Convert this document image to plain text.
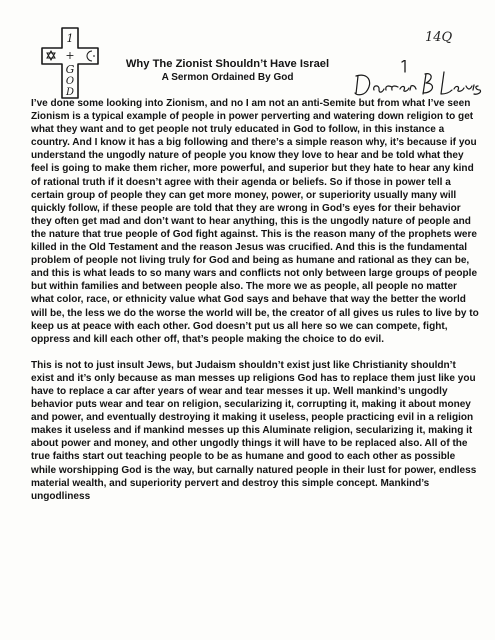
1
+
G
O
D
14Q

Why The Zionist Shouldn’t Have Israel

A Sermon Ordained By God

I’ve done some looking into Zionism, and no I am not an anti-Semite but from what I’ve seen Zionism is a typical example of people in power perverting and watering down religion to get what they want and to get people not truly educated in God to follow, in this instance a country. And I know it has a big following and there’s a simple reason why, it’s because if you understand the ungodly nature of people you know they love to hear and be told what they feel is going to make them richer, more powerful, and superior but they hate to hear any kind of rational truth if it doesn’t agree with their agenda or beliefs. So if those in power tell a certain group of people they can get more money, power, or superiority usually many will quickly follow, if these people are told that they are wrong in God’s eyes for their behavior they often get mad and don’t want to hear anything, this is the ungodly nature of people and the nature that true people of God fight against. This is the reason many of the prophets were killed in the Old Testament and the reason Jesus was crucified. And this is the fundamental problem of people not living truly for God and being as humane and rational as they can be, and this is what leads to so many wars and conflicts not only between large groups of people but within families and between people also. The more we as people, all people no matter what color, race, or ethnicity value what God says and behave that way the better the world will be, the less we do the worse the world will be, the creator of all gives us rules to live by to keep us at peace with each other. God doesn’t put us all here so we can compete, fight, oppress and kill each other off, that’s people making the choice to do evil.

This is not to just insult Jews, but Judaism shouldn’t exist just like Christianity shouldn’t exist and it’s only because as man messes up religions God has to replace them just like you have to replace a car after years of wear and tear messes it up. Well mankind’s ungodly behavior puts wear and tear on religion, secularizing it, corrupting it, making it about money and power, and eventually destroying it making it useless, people practicing evil in a religion makes it useless and if mankind messes up this Aluminate religion, secularizing it, making it about power and money, and other ungodly things it will have to be replaced also. All of the true faiths start out teaching people to be as humane and good to each other as possible while worshipping God is the way, but carnally natured people in their lust for power, endless material wealth, and superiority pervert and destroy this simple concept. Mankind’s ungodliness
